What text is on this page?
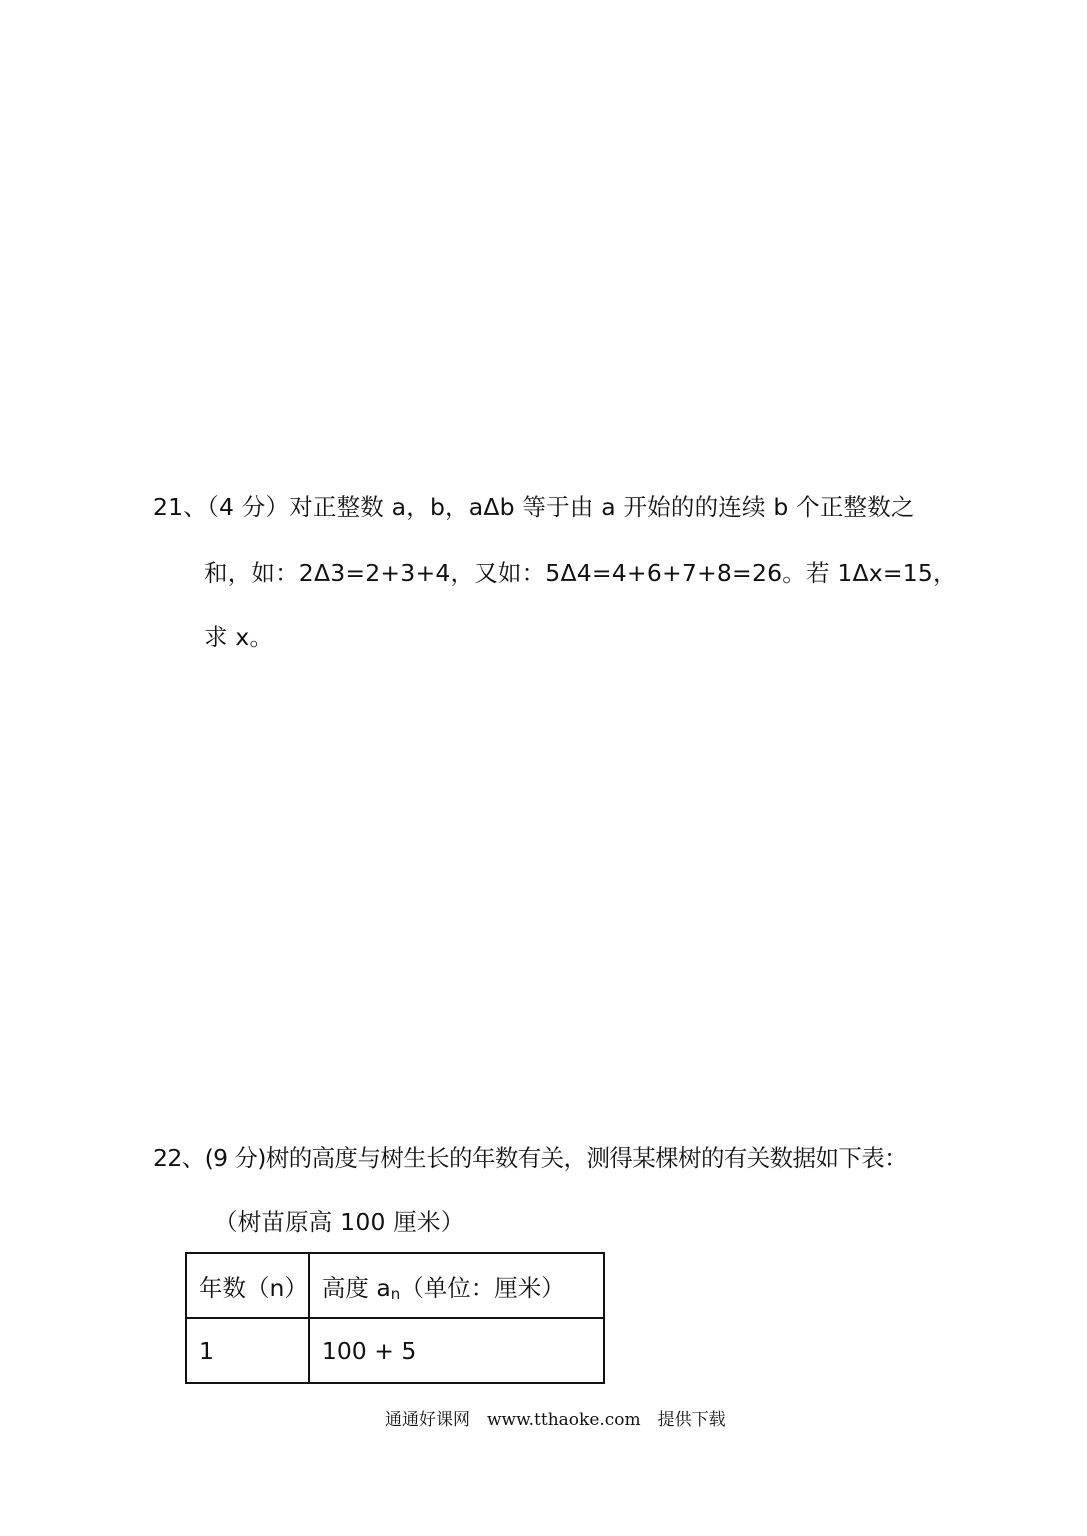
21、（4 分）对正整数 a，b，aΔb 等于由 a 开始的的连续 b 个正整数之
和，如：2Δ3=2+3+4，又如：5Δ4=4+6+7+8=26。若 1Δx=15，
求 x。
22、(9 分)树的高度与树生长的年数有关，测得某棵树的有关数据如下表：
（树苗原高 100 厘米）
年数（n）	高度 $a_n$（单位：厘米）
1	100 + 5
通通好课网　www.tthaoke.com　提供下载
